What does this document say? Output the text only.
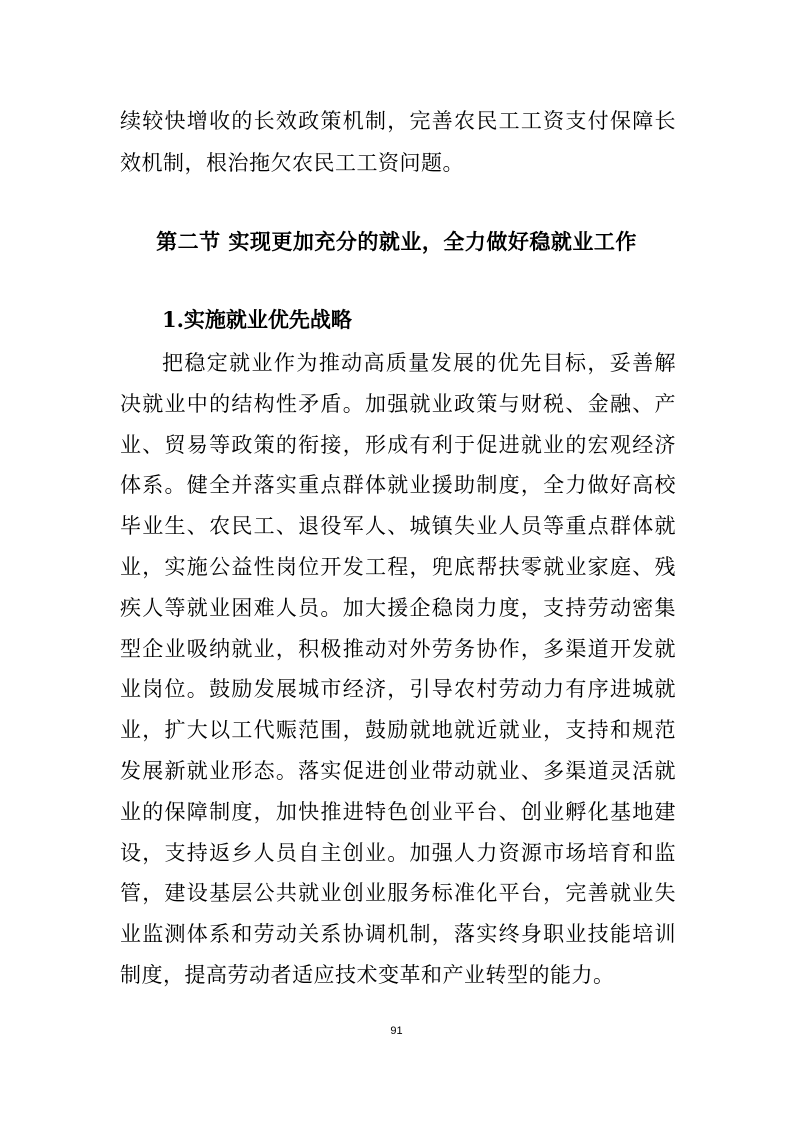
续较快增收的长效政策机制，完善农民工工资支付保障长效机制，根治拖欠农民工工资问题。

第二节 实现更加充分的就业，全力做好稳就业工作
1.实施就业优先战略

把稳定就业作为推动高质量发展的优先目标，妥善解决就业中的结构性矛盾。加强就业政策与财税、金融、产业、贸易等政策的衔接，形成有利于促进就业的宏观经济体系。健全并落实重点群体就业援助制度，全力做好高校毕业生、农民工、退役军人、城镇失业人员等重点群体就业，实施公益性岗位开发工程，兜底帮扶零就业家庭、残疾人等就业困难人员。加大援企稳岗力度，支持劳动密集型企业吸纳就业，积极推动对外劳务协作，多渠道开发就业岗位。鼓励发展城市经济，引导农村劳动力有序进城就业，扩大以工代赈范围，鼓励就地就近就业，支持和规范发展新就业形态。落实促进创业带动就业、多渠道灵活就业的保障制度，加快推进特色创业平台、创业孵化基地建设，支持返乡人员自主创业。加强人力资源市场培育和监管，建设基层公共就业创业服务标准化平台，完善就业失业监测体系和劳动关系协调机制，落实终身职业技能培训制度，提高劳动者适应技术变革和产业转型的能力。

91
